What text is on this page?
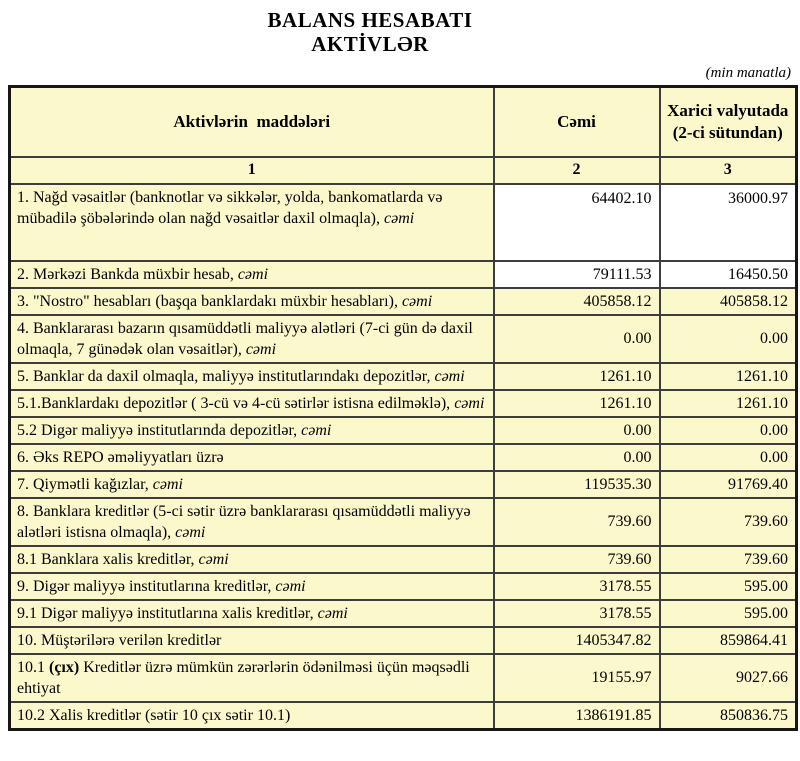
BALANS HESABATI
AKTİVLƏR
(min manatla)
Aktivlərin  maddələri	Cəmi	Xarici valyutada (2-ci sütundan)
1	2	3
1. Nağd vəsaitlər (banknotlar və sikkələr, yolda, bankomatlarda və mübadilə şöbələrində olan nağd vəsaitlər daxil olmaqla), cəmi	64402.10	36000.97
2. Mərkəzi Bankda müxbir hesab, cəmi	79111.53	16450.50
3. "Nostro" hesabları (başqa banklardakı müxbir hesabları), cəmi	405858.12	405858.12
4. Banklararası bazarın qısamüddətli maliyyə alətləri (7-ci gün də daxil olmaqla, 7 günədək olan vəsaitlər), cəmi	0.00	0.00
5. Banklar da daxil olmaqla, maliyyə institutlarındakı depozitlər, cəmi	1261.10	1261.10
5.1.Banklardakı depozitlər ( 3-cü və 4-cü sətirlər istisna edilməklə), cəmi	1261.10	1261.10
5.2 Digər maliyyə institutlarında depozitlər, cəmi	0.00	0.00
6. Əks REPO əməliyyatları üzrə	0.00	0.00
7. Qiymətli kağızlar, cəmi	119535.30	91769.40
8. Banklara kreditlər (5-ci sətir üzrə banklararası qısamüddətli maliyyə alətləri istisna olmaqla), cəmi	739.60	739.60
8.1 Banklara xalis kreditlər, cəmi	739.60	739.60
9. Digər maliyyə institutlarına kreditlər, cəmi	3178.55	595.00
9.1 Digər maliyyə institutlarına xalis kreditlər, cəmi	3178.55	595.00
10. Müştərilərə verilən kreditlər	1405347.82	859864.41
10.1 (çıx) Kreditlər üzrə mümkün zərərlərin ödənilməsi üçün məqsədli ehtiyat	19155.97	9027.66
10.2 Xalis kreditlər (sətir 10 çıx sətir 10.1)	1386191.85	850836.75
